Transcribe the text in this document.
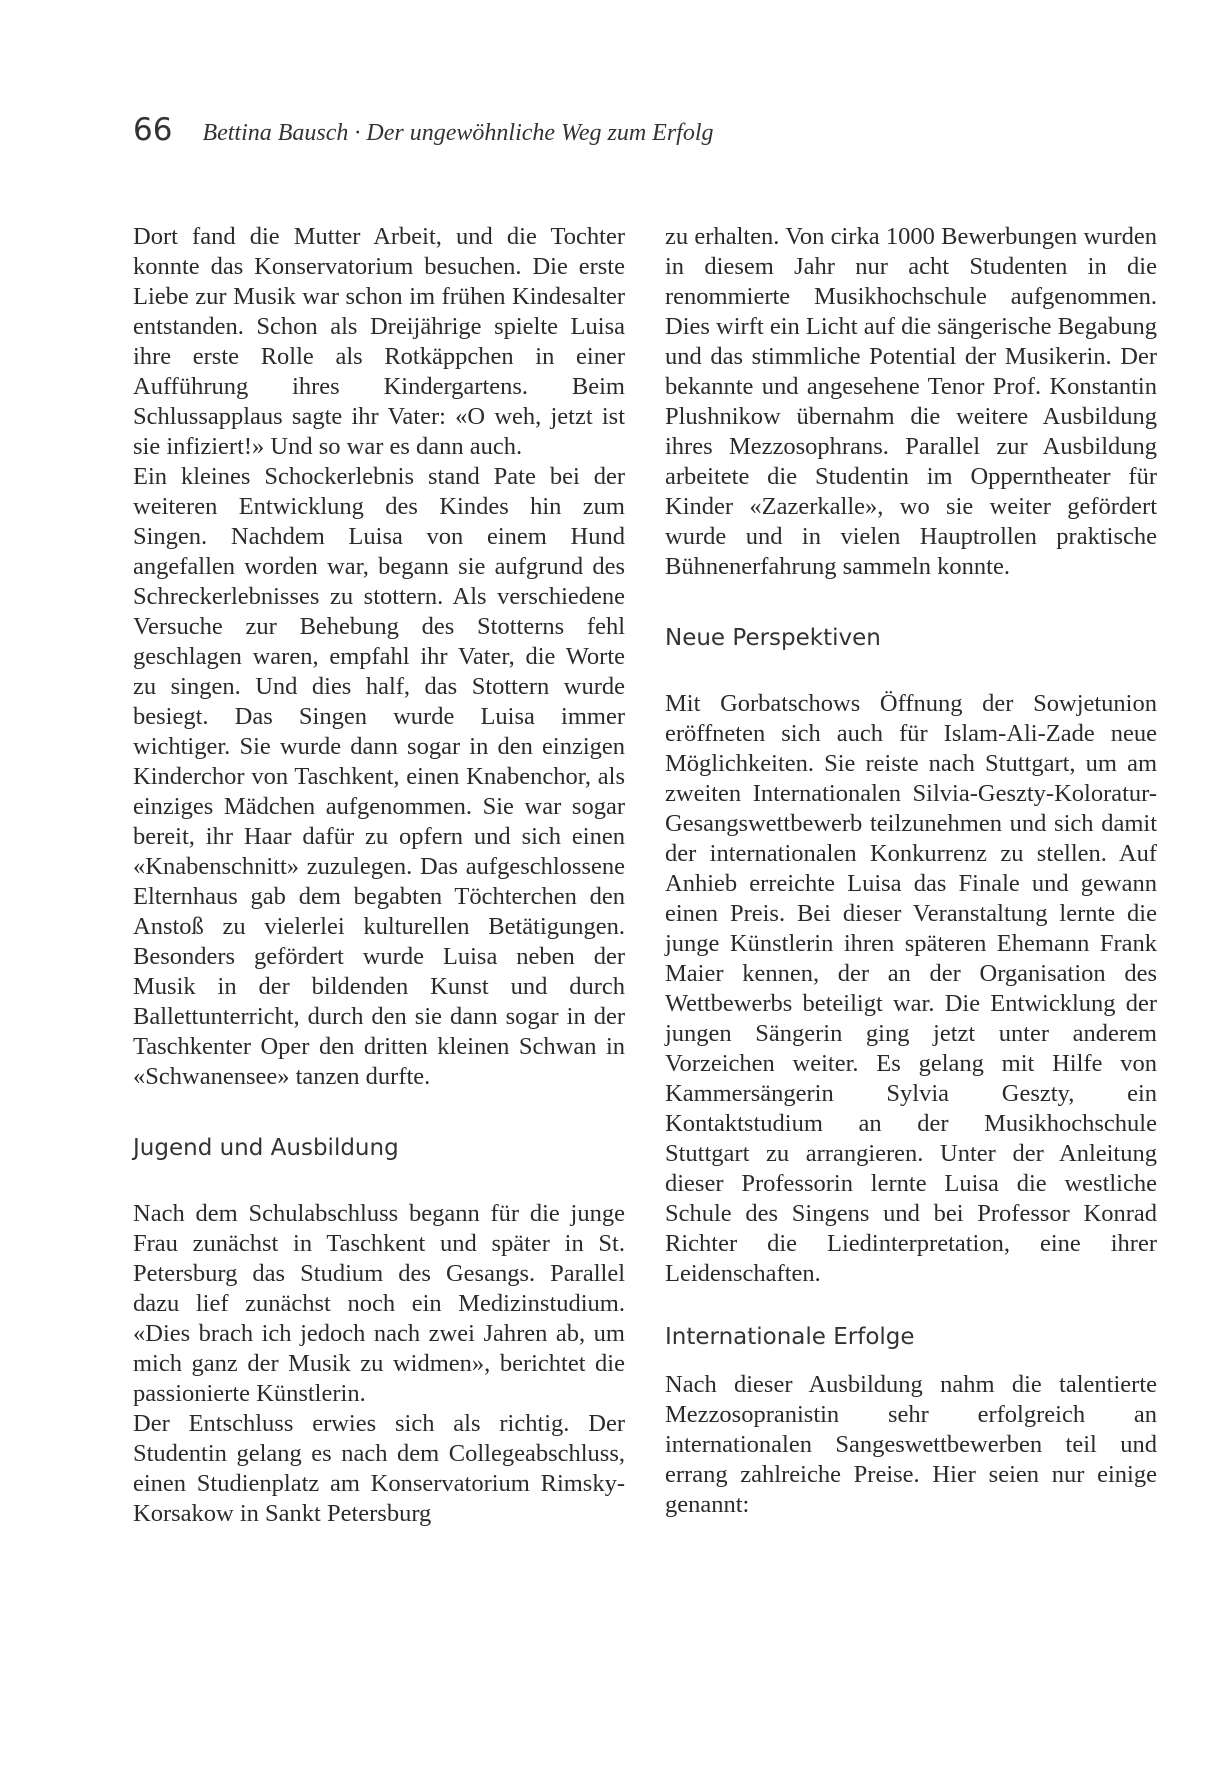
66 Bettina Bausch · Der ungewöhnliche Weg zum Erfolg

Dort fand die Mutter Arbeit, und die Tochter konnte das Konservatorium besuchen. Die erste Liebe zur Musik war schon im frühen Kindesalter entstanden. Schon als Dreijährige spielte Luisa ihre erste Rolle als Rotkäppchen in einer Aufführung ihres Kindergartens. Beim Schlussapplaus sagte ihr Vater: «O weh, jetzt ist sie infiziert!» Und so war es dann auch.

Ein kleines Schockerlebnis stand Pate bei der weiteren Entwicklung des Kindes hin zum Singen. Nachdem Luisa von einem Hund angefallen worden war, begann sie aufgrund des Schreckerlebnisses zu stottern. Als verschiedene Versuche zur Behebung des Stotterns fehl geschlagen waren, empfahl ihr Vater, die Worte zu singen. Und dies half, das Stottern wurde besiegt. Das Singen wurde Luisa immer wichtiger. Sie wurde dann sogar in den einzigen Kinderchor von Taschkent, einen Knabenchor, als einziges Mädchen aufgenommen. Sie war sogar bereit, ihr Haar dafür zu opfern und sich einen «Knabenschnitt» zuzulegen. Das aufgeschlossene Elternhaus gab dem begabten Töchterchen den Anstoß zu vielerlei kulturellen Betätigungen. Besonders gefördert wurde Luisa neben der Musik in der bildenden Kunst und durch Ballettunterricht, durch den sie dann sogar in der Taschkenter Oper den dritten kleinen Schwan in «Schwanensee» tanzen durfte.

Jugend und Ausbildung

Nach dem Schulabschluss begann für die junge Frau zunächst in Taschkent und später in St. Petersburg das Studium des Gesangs. Parallel dazu lief zunächst noch ein Medizinstudium. «Dies brach ich jedoch nach zwei Jahren ab, um mich ganz der Musik zu widmen», berichtet die passionierte Künstlerin.

Der Entschluss erwies sich als richtig. Der Studentin gelang es nach dem Collegeabschluss, einen Studienplatz am Konservatorium Rimsky-Korsakow in Sankt Petersburg

zu erhalten. Von cirka 1000 Bewerbungen wurden in diesem Jahr nur acht Studenten in die renommierte Musikhochschule aufgenommen. Dies wirft ein Licht auf die sängerische Begabung und das stimmliche Potential der Musikerin. Der bekannte und angesehene Tenor Prof. Konstantin Plushnikow übernahm die weitere Ausbildung ihres Mezzosophrans. Parallel zur Ausbildung arbeitete die Studentin im Opperntheater für Kinder «Zazerkalle», wo sie weiter gefördert wurde und in vielen Hauptrollen praktische Bühnenerfahrung sammeln konnte.

Neue Perspektiven

Mit Gorbatschows Öffnung der Sowjetunion eröffneten sich auch für Islam-Ali-Zade neue Möglichkeiten. Sie reiste nach Stuttgart, um am zweiten Internationalen Silvia-Geszty-Koloratur-Gesangswettbewerb teilzunehmen und sich damit der internationalen Konkurrenz zu stellen. Auf Anhieb erreichte Luisa das Finale und gewann einen Preis. Bei dieser Veranstaltung lernte die junge Künstlerin ihren späteren Ehemann Frank Maier kennen, der an der Organisation des Wettbewerbs beteiligt war. Die Entwicklung der jungen Sängerin ging jetzt unter anderem Vorzeichen weiter. Es gelang mit Hilfe von Kammersängerin Sylvia Geszty, ein Kontaktstudium an der Musikhochschule Stuttgart zu arrangieren. Unter der Anleitung dieser Professorin lernte Luisa die westliche Schule des Singens und bei Professor Konrad Richter die Liedinterpretation, eine ihrer Leidenschaften.

Internationale Erfolge

Nach dieser Ausbildung nahm die talentierte Mezzosopranistin sehr erfolgreich an internationalen Sangeswettbewerben teil und errang zahlreiche Preise. Hier seien nur einige genannt:
